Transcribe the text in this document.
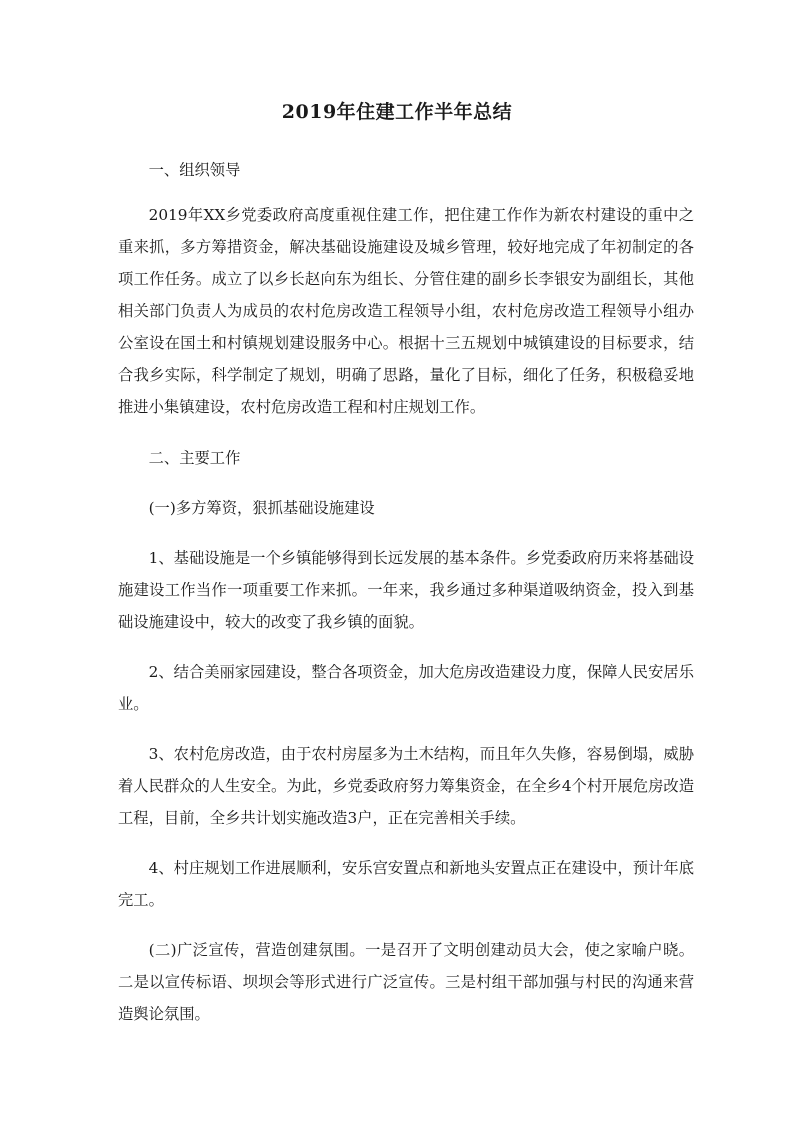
2019年住建工作半年总结

一、组织领导

2019年XX乡党委政府高度重视住建工作，把住建工作作为新农村建设的重中之重来抓，多方筹措资金，解决基础设施建设及城乡管理，较好地完成了年初制定的各项工作任务。成立了以乡长赵向东为组长、分管住建的副乡长李银安为副组长，其他相关部门负责人为成员的农村危房改造工程领导小组，农村危房改造工程领导小组办公室设在国土和村镇规划建设服务中心。根据十三五规划中城镇建设的目标要求，结合我乡实际，科学制定了规划，明确了思路，量化了目标，细化了任务，积极稳妥地推进小集镇建设，农村危房改造工程和村庄规划工作。

二、主要工作

(一)多方筹资，狠抓基础设施建设

1、基础设施是一个乡镇能够得到长远发展的基本条件。乡党委政府历来将基础设施建设工作当作一项重要工作来抓。一年来，我乡通过多种渠道吸纳资金，投入到基础设施建设中，较大的改变了我乡镇的面貌。

2、结合美丽家园建设，整合各项资金，加大危房改造建设力度，保障人民安居乐业。

3、农村危房改造，由于农村房屋多为土木结构，而且年久失修，容易倒塌，威胁着人民群众的人生安全。为此，乡党委政府努力筹集资金，在全乡4个村开展危房改造工程，目前，全乡共计划实施改造3户，正在完善相关手续。

4、村庄规划工作进展顺利，安乐宫安置点和新地头安置点正在建设中，预计年底完工。

(二)广泛宣传，营造创建氛围。一是召开了文明创建动员大会，使之家喻户晓。二是以宣传标语、坝坝会等形式进行广泛宣传。三是村组干部加强与村民的沟通来营造舆论氛围。
